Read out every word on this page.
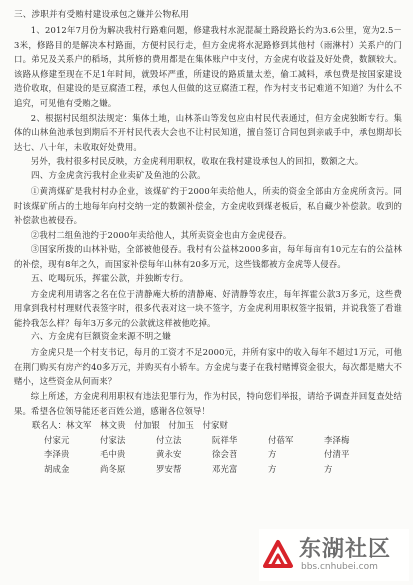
三、涉职并有受贿村建设承包之嫌并公物私用

1、2012年7月份为解决我村行路难问题，修建我村水泥混凝土路段路长约为3.6公里，宽为2.5－3米，修路目的是解决本村路面，方便村民行走，但方金虎将水泥路修到其他村（雨淋村）关系户的门口。弟兄及关系户的稻场，其所修的费用都是在集体账户中支付，方金虎有收益及好处费，数额较大。该路从修建至现在不足1年时间，就毁坏严重，所建设的路质量太差，偷工减料，承包费是按国家建设造价收取，但建设的是豆腐渣工程，承包人但做的这豆腐渣工程，作为村支书记难道不知道？为什么不追究，可见他有受贿之嫌。

2、根据村民组织法规定：集体土地，山林茶山等发包应由村民代表通过，但方金虎独断专行。集体的山林鱼池承包到期后不开村民代表大会也不让村民知道，擅自签订合同包到亲戚手中，承包期却长达七、八十年，未收取好处费用。

另外，我村很多村民反映，方金虎利用职权，收取在我村建设承包人的回扣，数额之大。

四、方金虎贪污我村企业卖矿及鱼池的公款。

①黄湾煤矿是我村村办企业，该煤矿约于2000年卖给他人，所卖的资金全部由方金虎所贪污。同时该煤矿所占的土地每年向村交纳一定的数额补偿金，方金虎收到煤老板后，私自藏少补偿款。收到的补偿款也被侵吞。

②我村二组鱼池约于2000年卖给他人，其所卖资金也由方金虎侵吞。

③国家所拨的山林补贴，全部被他侵吞。我村有公益林2000多亩，每年每亩有10元左右的公益林的补偿，现有8年之久，而国家补偿每年山林有20多万元，这些钱都被方金虎等人侵吞。

五、吃喝玩乐，挥霍公款，并独断专行。

方金虎利用请客之名在位于清静庵大桥的清静庵、好清静等农庄，每年挥霍公款3万多元，这些费用拿到我村村理财代表签字时，很多代表对这一块不签字，方金虎利用职权签字报销，并说我签了看谁能拎我怎么样？每年3万多元的公款就这样被他吃掉。

六、方金虎有巨额资金来源不明之嫌

方金虎只是一个村支书记，每月的工资才不足2000元，并所有家中的收入每年不超过1万元，可他在荆门购买有房产约40多万元，并购买有小轿车。方金虎与妻子在我村赌博资金很大，每次都是赌大不赌小，这些资金从何而来？

综上所述，方金虎利用职权有违法犯罪行为，作为村民，特向您们举报，请给予调查并回复查处结果。希望各位领导能还老百姓公道，感谢各位领导！

联名人：林文军　林文贵　付加银　付加玉　付家财

付家元	付家法	付立法	阮祥华	付蓓军	李泽梅
李泽贵	毛中贵	黄永安	徐会苕	方	付清平
胡成金	尚冬原	罗安帮	邓光富	方	方
东湖社区
bbs.cnhubei.com
